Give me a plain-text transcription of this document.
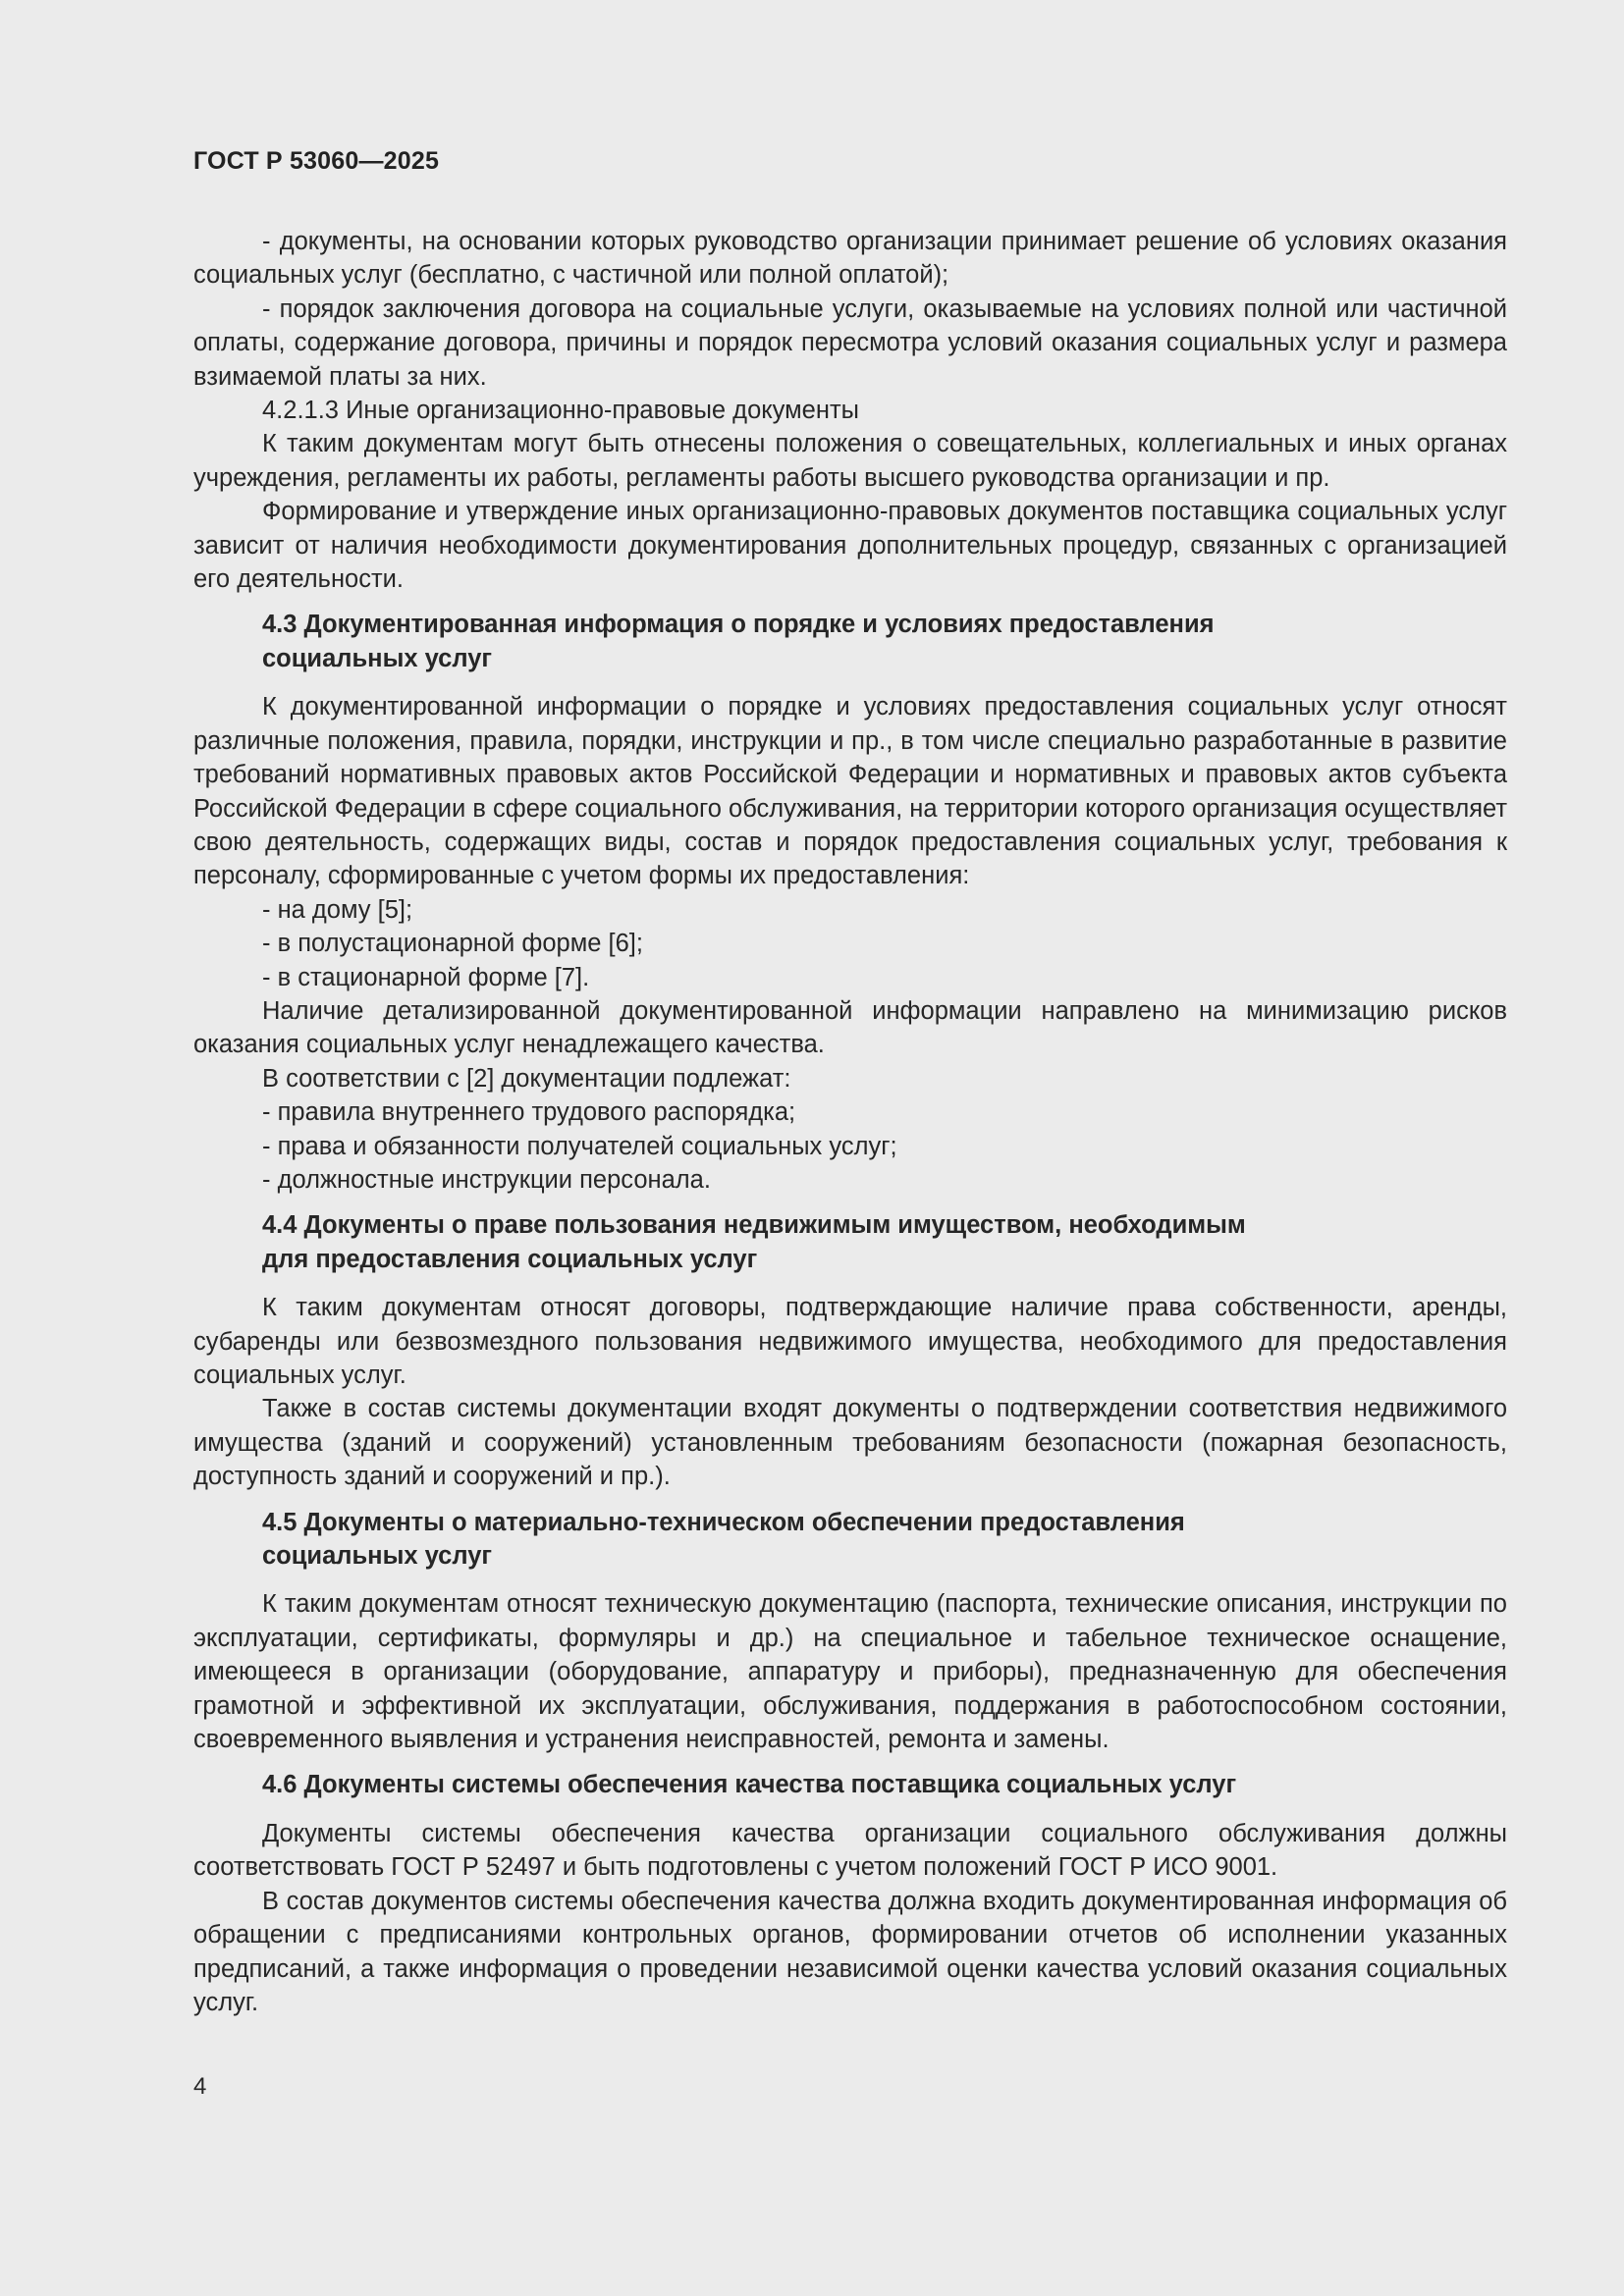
ГОСТ Р 53060—2025

- документы, на основании которых руководство организации принимает решение об условиях оказания социальных услуг (бесплатно, с частичной или полной оплатой);

- порядок заключения договора на социальные услуги, оказываемые на условиях полной или частичной оплаты, содержание договора, причины и порядок пересмотра условий оказания социальных услуг и размера взимаемой платы за них.

4.2.1.3 Иные организационно-правовые документы

К таким документам могут быть отнесены положения о совещательных, коллегиальных и иных органах учреждения, регламенты их работы, регламенты работы высшего руководства организации и пр.

Формирование и утверждение иных организационно-правовых документов поставщика социальных услуг зависит от наличия необходимости документирования дополнительных процедур, связанных с организацией его деятельности.

4.3 Документированная информация о порядке и условиях предоставления
социальных услуг

К документированной информации о порядке и условиях предоставления социальных услуг относят различные положения, правила, порядки, инструкции и пр., в том числе специально разработанные в развитие требований нормативных правовых актов Российской Федерации и нормативных и правовых актов субъекта Российской Федерации в сфере социального обслуживания, на территории которого организация осуществляет свою деятельность, содержащих виды, состав и порядок предоставления социальных услуг, требования к персоналу, сформированные с учетом формы их предоставления:

- на дому [5];

- в полустационарной форме [6];

- в стационарной форме [7].

Наличие детализированной документированной информации направлено на минимизацию рисков оказания социальных услуг ненадлежащего качества.

В соответствии с [2] документации подлежат:

- правила внутреннего трудового распорядка;

- права и обязанности получателей социальных услуг;

- должностные инструкции персонала.

4.4 Документы о праве пользования недвижимым имуществом, необходимым
для предоставления социальных услуг

К таким документам относят договоры, подтверждающие наличие права собственности, аренды, субаренды или безвозмездного пользования недвижимого имущества, необходимого для предоставления социальных услуг.

Также в состав системы документации входят документы о подтверждении соответствия недвижимого имущества (зданий и сооружений) установленным требованиям безопасности (пожарная безопасность, доступность зданий и сооружений и пр.).

4.5 Документы о материально-техническом обеспечении предоставления
социальных услуг

К таким документам относят техническую документацию (паспорта, технические описания, инструкции по эксплуатации, сертификаты, формуляры и др.) на специальное и табельное техническое оснащение, имеющееся в организации (оборудование, аппаратуру и приборы), предназначенную для обеспечения грамотной и эффективной их эксплуатации, обслуживания, поддержания в работоспособном состоянии, своевременного выявления и устранения неисправностей, ремонта и замены.

4.6 Документы системы обеспечения качества поставщика социальных услуг

Документы системы обеспечения качества организации социального обслуживания должны соответствовать ГОСТ Р 52497 и быть подготовлены с учетом положений ГОСТ Р ИСО 9001.

В состав документов системы обеспечения качества должна входить документированная информация об обращении с предписаниями контрольных органов, формировании отчетов об исполнении указанных предписаний, а также информация о проведении независимой оценки качества условий оказания социальных услуг.

4
